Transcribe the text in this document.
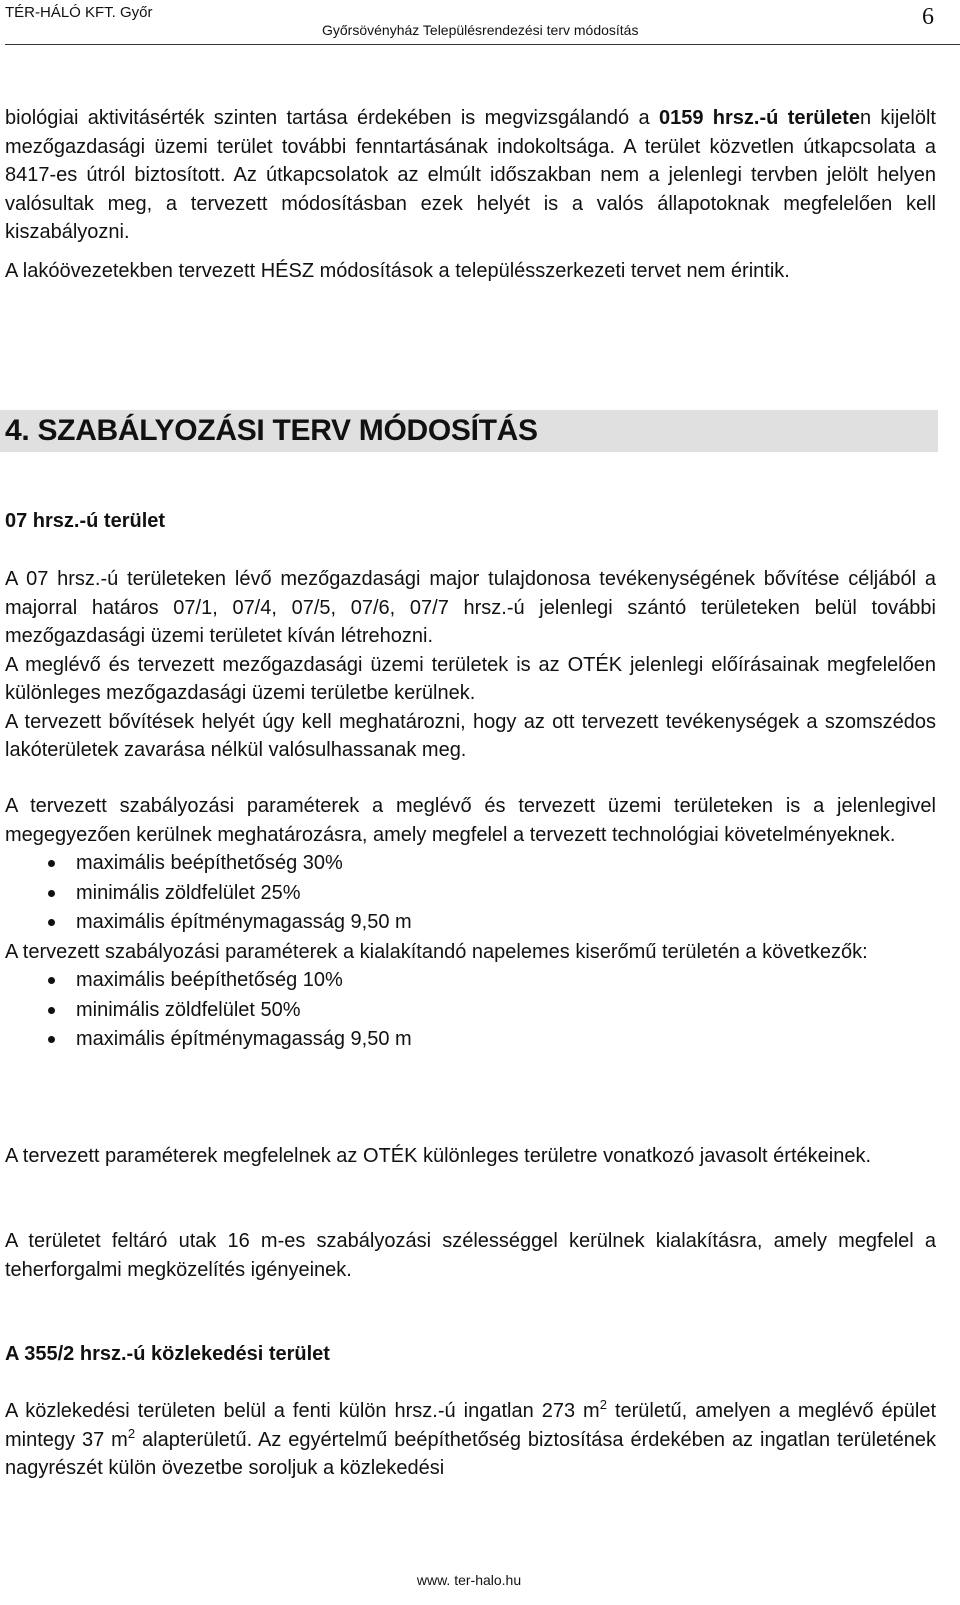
TÉR-HÁLÓ KFT. Győr
Győrsövényház Településrendezési terv módosítás	6

biológiai aktivitásérték szinten tartása érdekében is megvizsgálandó a 0159 hrsz.-ú területen kijelölt mezőgazdasági üzemi terület további fenntartásának indokoltsága. A terület közvetlen útkapcsolata a 8417-es útról biztosított. Az útkapcsolatok az elmúlt időszakban nem a jelenlegi tervben jelölt helyen valósultak meg, a tervezett módosításban ezek helyét is a valós állapotoknak megfelelően kell kiszabályozni.

A lakóövezetekben tervezett HÉSZ módosítások a településszerkezeti tervet nem érintik.

4. SZABÁLYOZÁSI TERV MÓDOSÍTÁS
07 hrsz.-ú terület

A 07 hrsz.-ú területeken lévő mezőgazdasági major tulajdonosa tevékenységének bővítése céljából a majorral határos 07/1, 07/4, 07/5, 07/6, 07/7 hrsz.-ú jelenlegi szántó területeken belül további mezőgazdasági üzemi területet kíván létrehozni.

A meglévő és tervezett mezőgazdasági üzemi területek is az OTÉK jelenlegi előírásainak megfelelően különleges mezőgazdasági üzemi területbe kerülnek.

A tervezett bővítések helyét úgy kell meghatározni, hogy az ott tervezett tevékenységek a szomszédos lakóterületek zavarása nélkül valósulhassanak meg.

A tervezett szabályozási paraméterek a meglévő és tervezett üzemi területeken is a jelenlegivel megegyezően kerülnek meghatározásra, amely megfelel a tervezett technológiai követelményeknek.

maximális beépíthetőség 30%
minimális zöldfelület 25%
maximális építménymagasság 9,50 m

A tervezett szabályozási paraméterek a kialakítandó napelemes kiserőmű területén a következők:

maximális beépíthetőség 10%
minimális zöldfelület 50%
maximális építménymagasság 9,50 m

A tervezett paraméterek megfelelnek az OTÉK különleges területre vonatkozó javasolt értékeinek.

A területet feltáró utak 16 m-es szabályozási szélességgel kerülnek kialakításra, amely megfelel a teherforgalmi megközelítés igényeinek.

A 355/2 hrsz.-ú közlekedési terület

A közlekedési területen belül a fenti külön hrsz.-ú ingatlan 273 $m^2$ területű, amelyen a meglévő épület mintegy 37 $m^2$ alapterületű. Az egyértelmű beépíthetőség biztosítása érdekében az ingatlan területének nagyrészét külön övezetbe soroljuk a közlekedési

www. ter-halo.hu
